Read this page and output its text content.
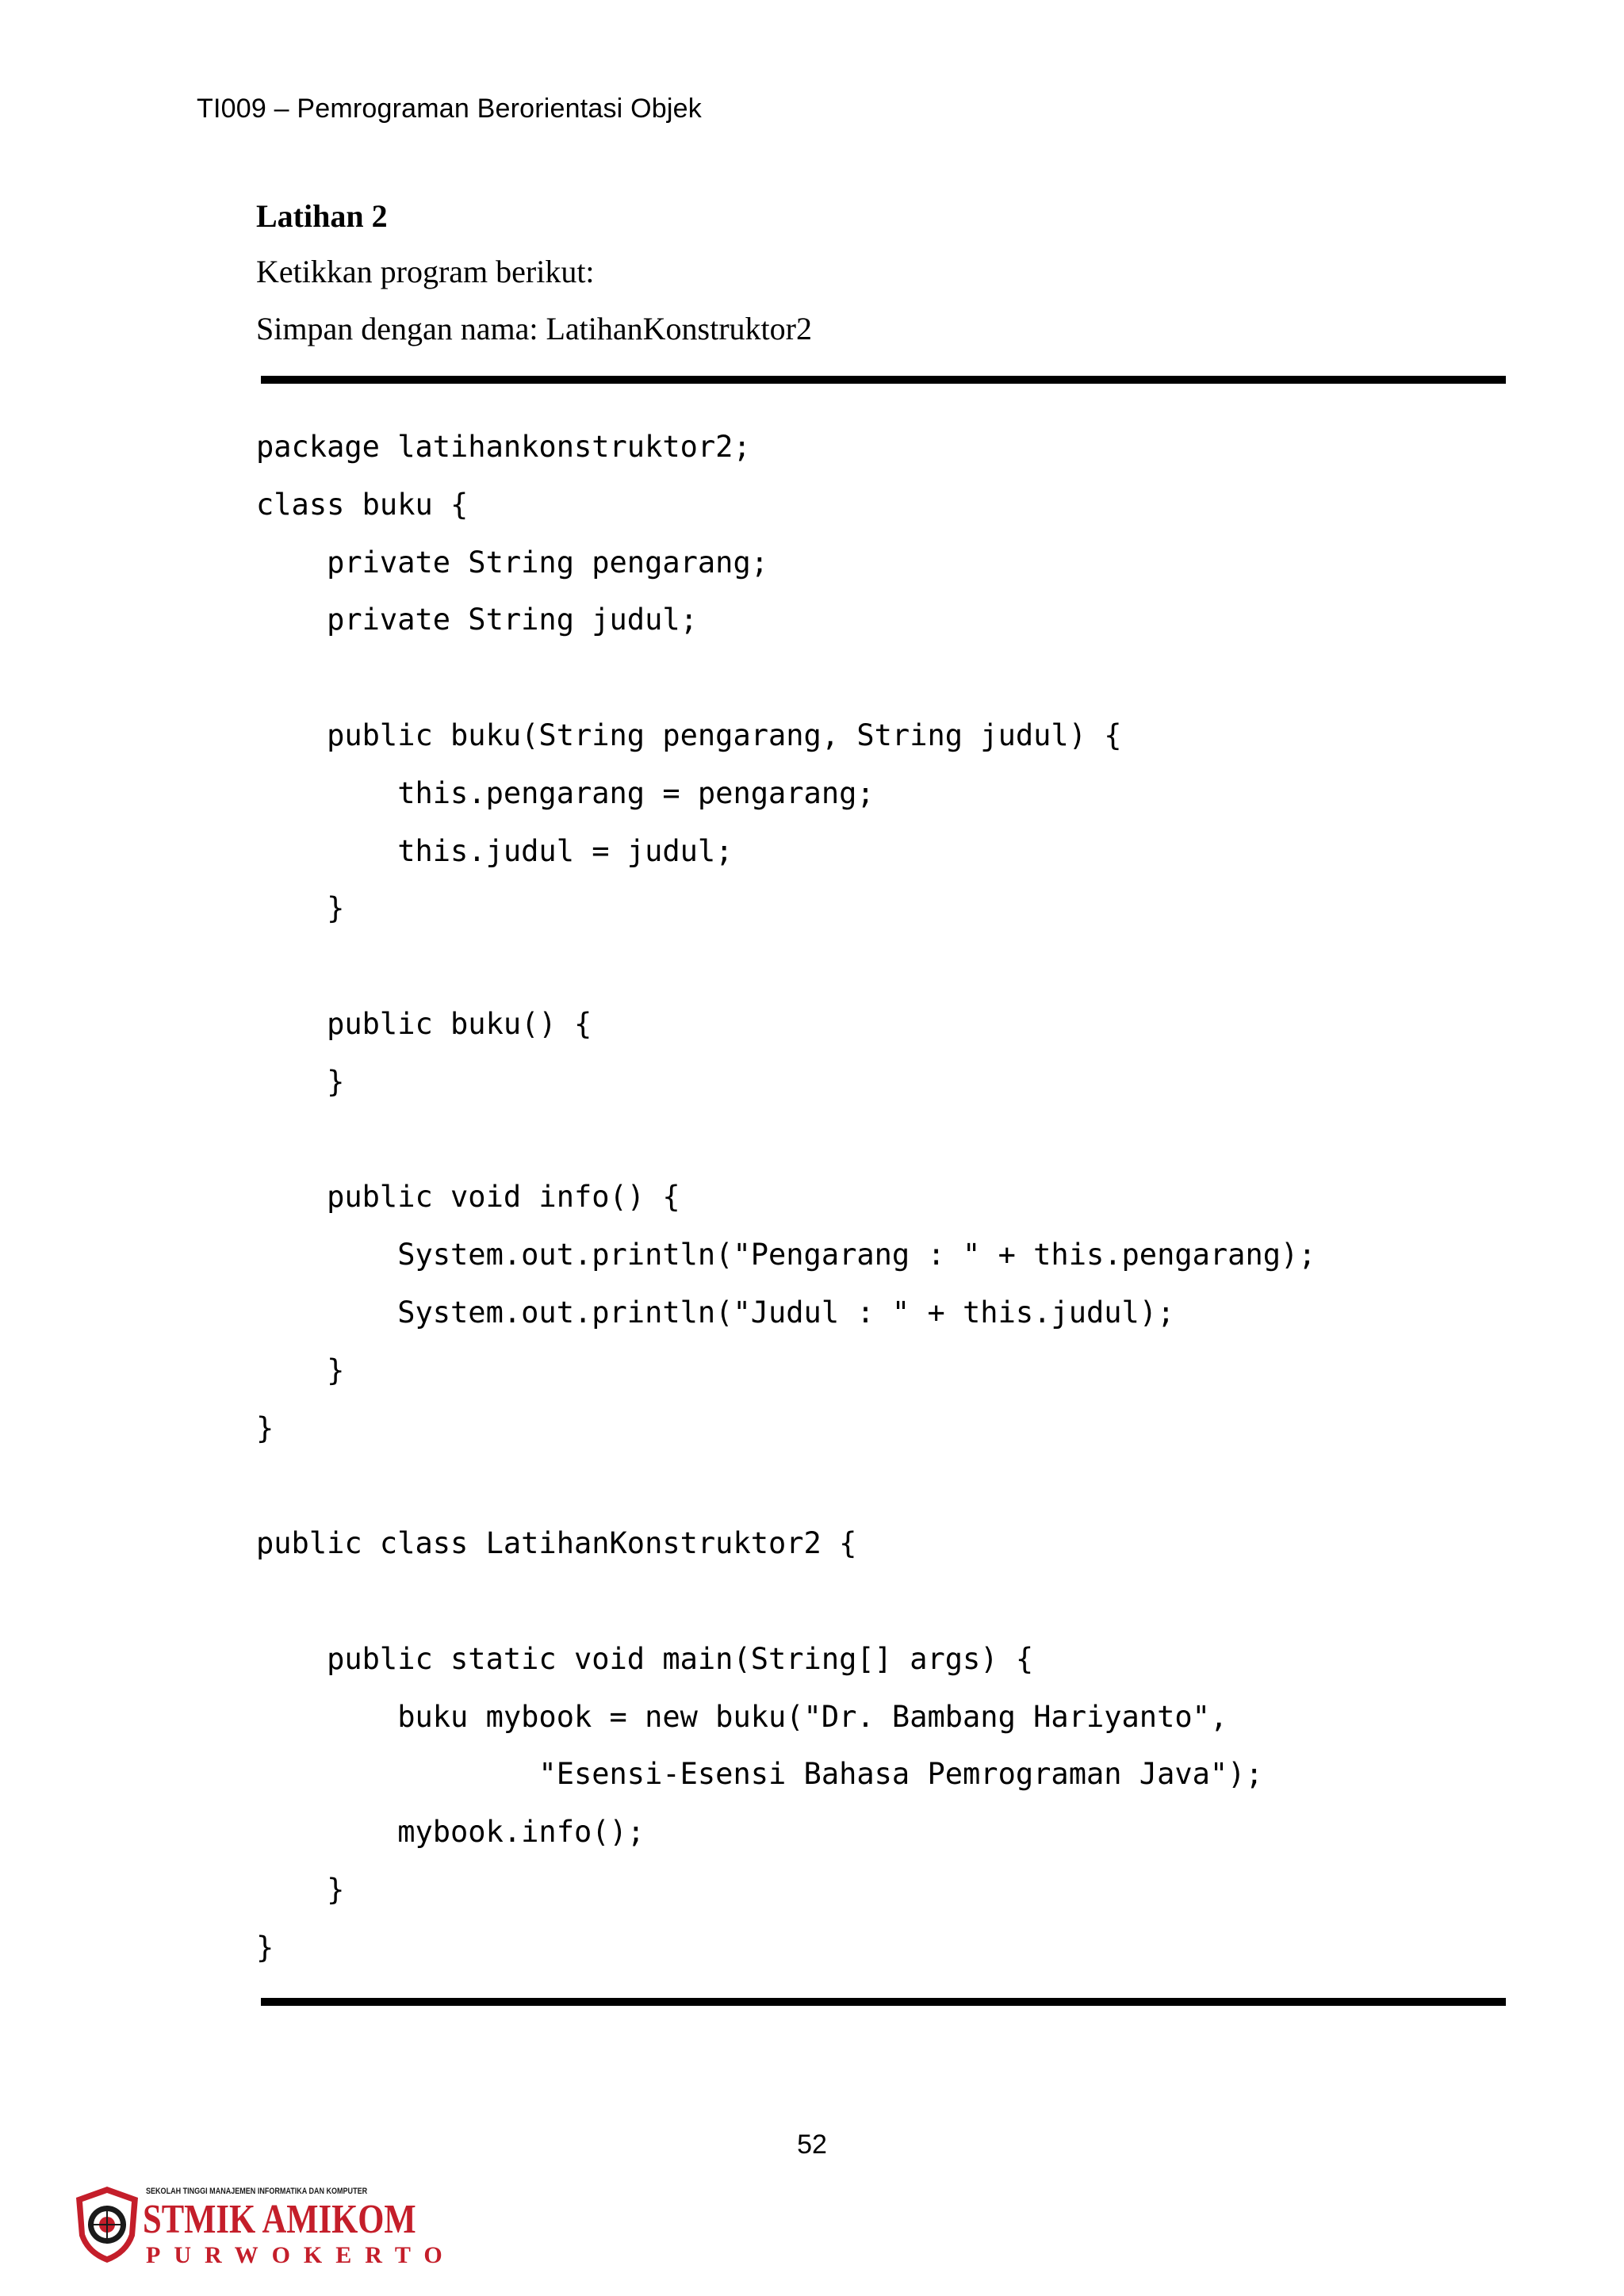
TI009 – Pemrograman Berorientasi Objek
Latihan 2
Ketikkan program berikut:
Simpan dengan nama: LatihanKonstruktor2
package latihankonstruktor2;
class buku {
private String pengarang;
private String judul;

public buku(String pengarang, String judul) {
this.pengarang = pengarang;
this.judul = judul;
}

public buku() {
}

public void info() {
System.out.println("Pengarang : " + this.pengarang);
System.out.println("Judul : " + this.judul);
}
}

public class LatihanKonstruktor2 {

public static void main(String[] args) {
buku mybook = new buku("Dr. Bambang Hariyanto",
"Esensi-Esensi Bahasa Pemrograman Java");
mybook.info();
}
}
52
SEKOLAH TINGGI MANAJEMEN INFORMATIKA DAN KOMPUTER
STMIK AMIKOM
PURWOKERTO
